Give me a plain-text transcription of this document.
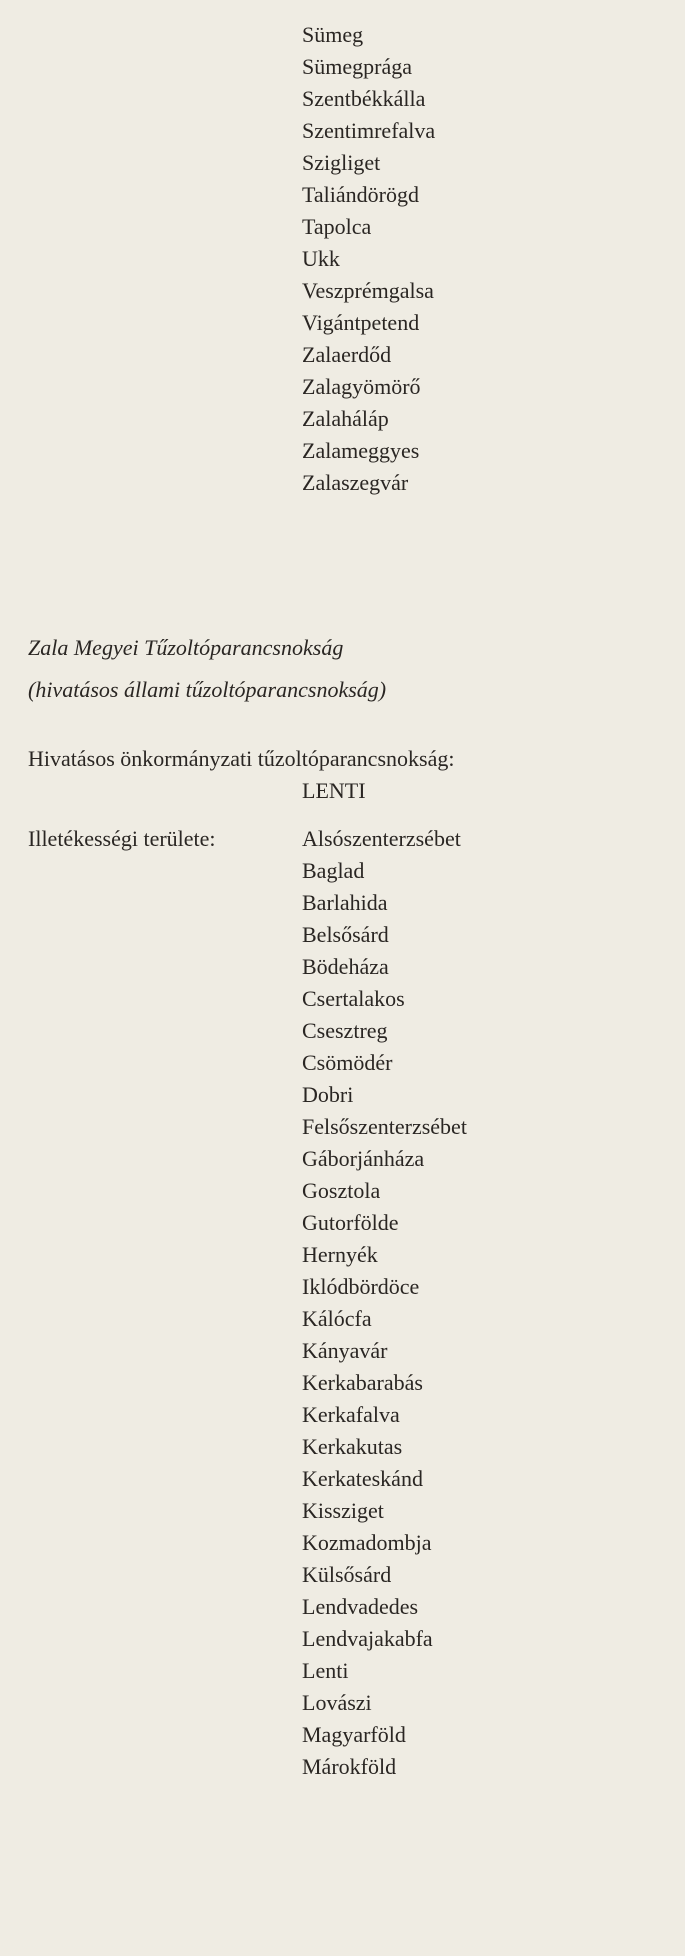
Sümeg
Sümegprága
Szentbékkálla
Szentimrefalva
Szigliget
Taliándörögd
Tapolca
Ukk
Veszprémgalsa
Vigántpetend
Zalaerdőd
Zalagyömörő
Zalaháláp
Zalameggyes
Zalaszegvár
Zala Megyei Tűzoltóparancsnokság
(hivatásos állami tűzoltóparancsnokság)
Hivatásos önkormányzati tűzoltóparancsnokság:
LENTI
Illetékességi területe:	Alsószenterzsébet
Baglad
Barlahida
Belsősárd
Bödeháza
Csertalakos
Csesztreg
Csömödér
Dobri
Felsőszenterzsébet
Gáborjánháza
Gosztola
Gutorfölde
Hernyék
Iklódbördöce
Kálócfa
Kányavár
Kerkabarabás
Kerkafalva
Kerkakutas
Kerkateskánd
Kissziget
Kozmadombja
Külsősárd
Lendvadedes
Lendvajakabfa
Lenti
Lovászi
Magyarföld
Márokföld
